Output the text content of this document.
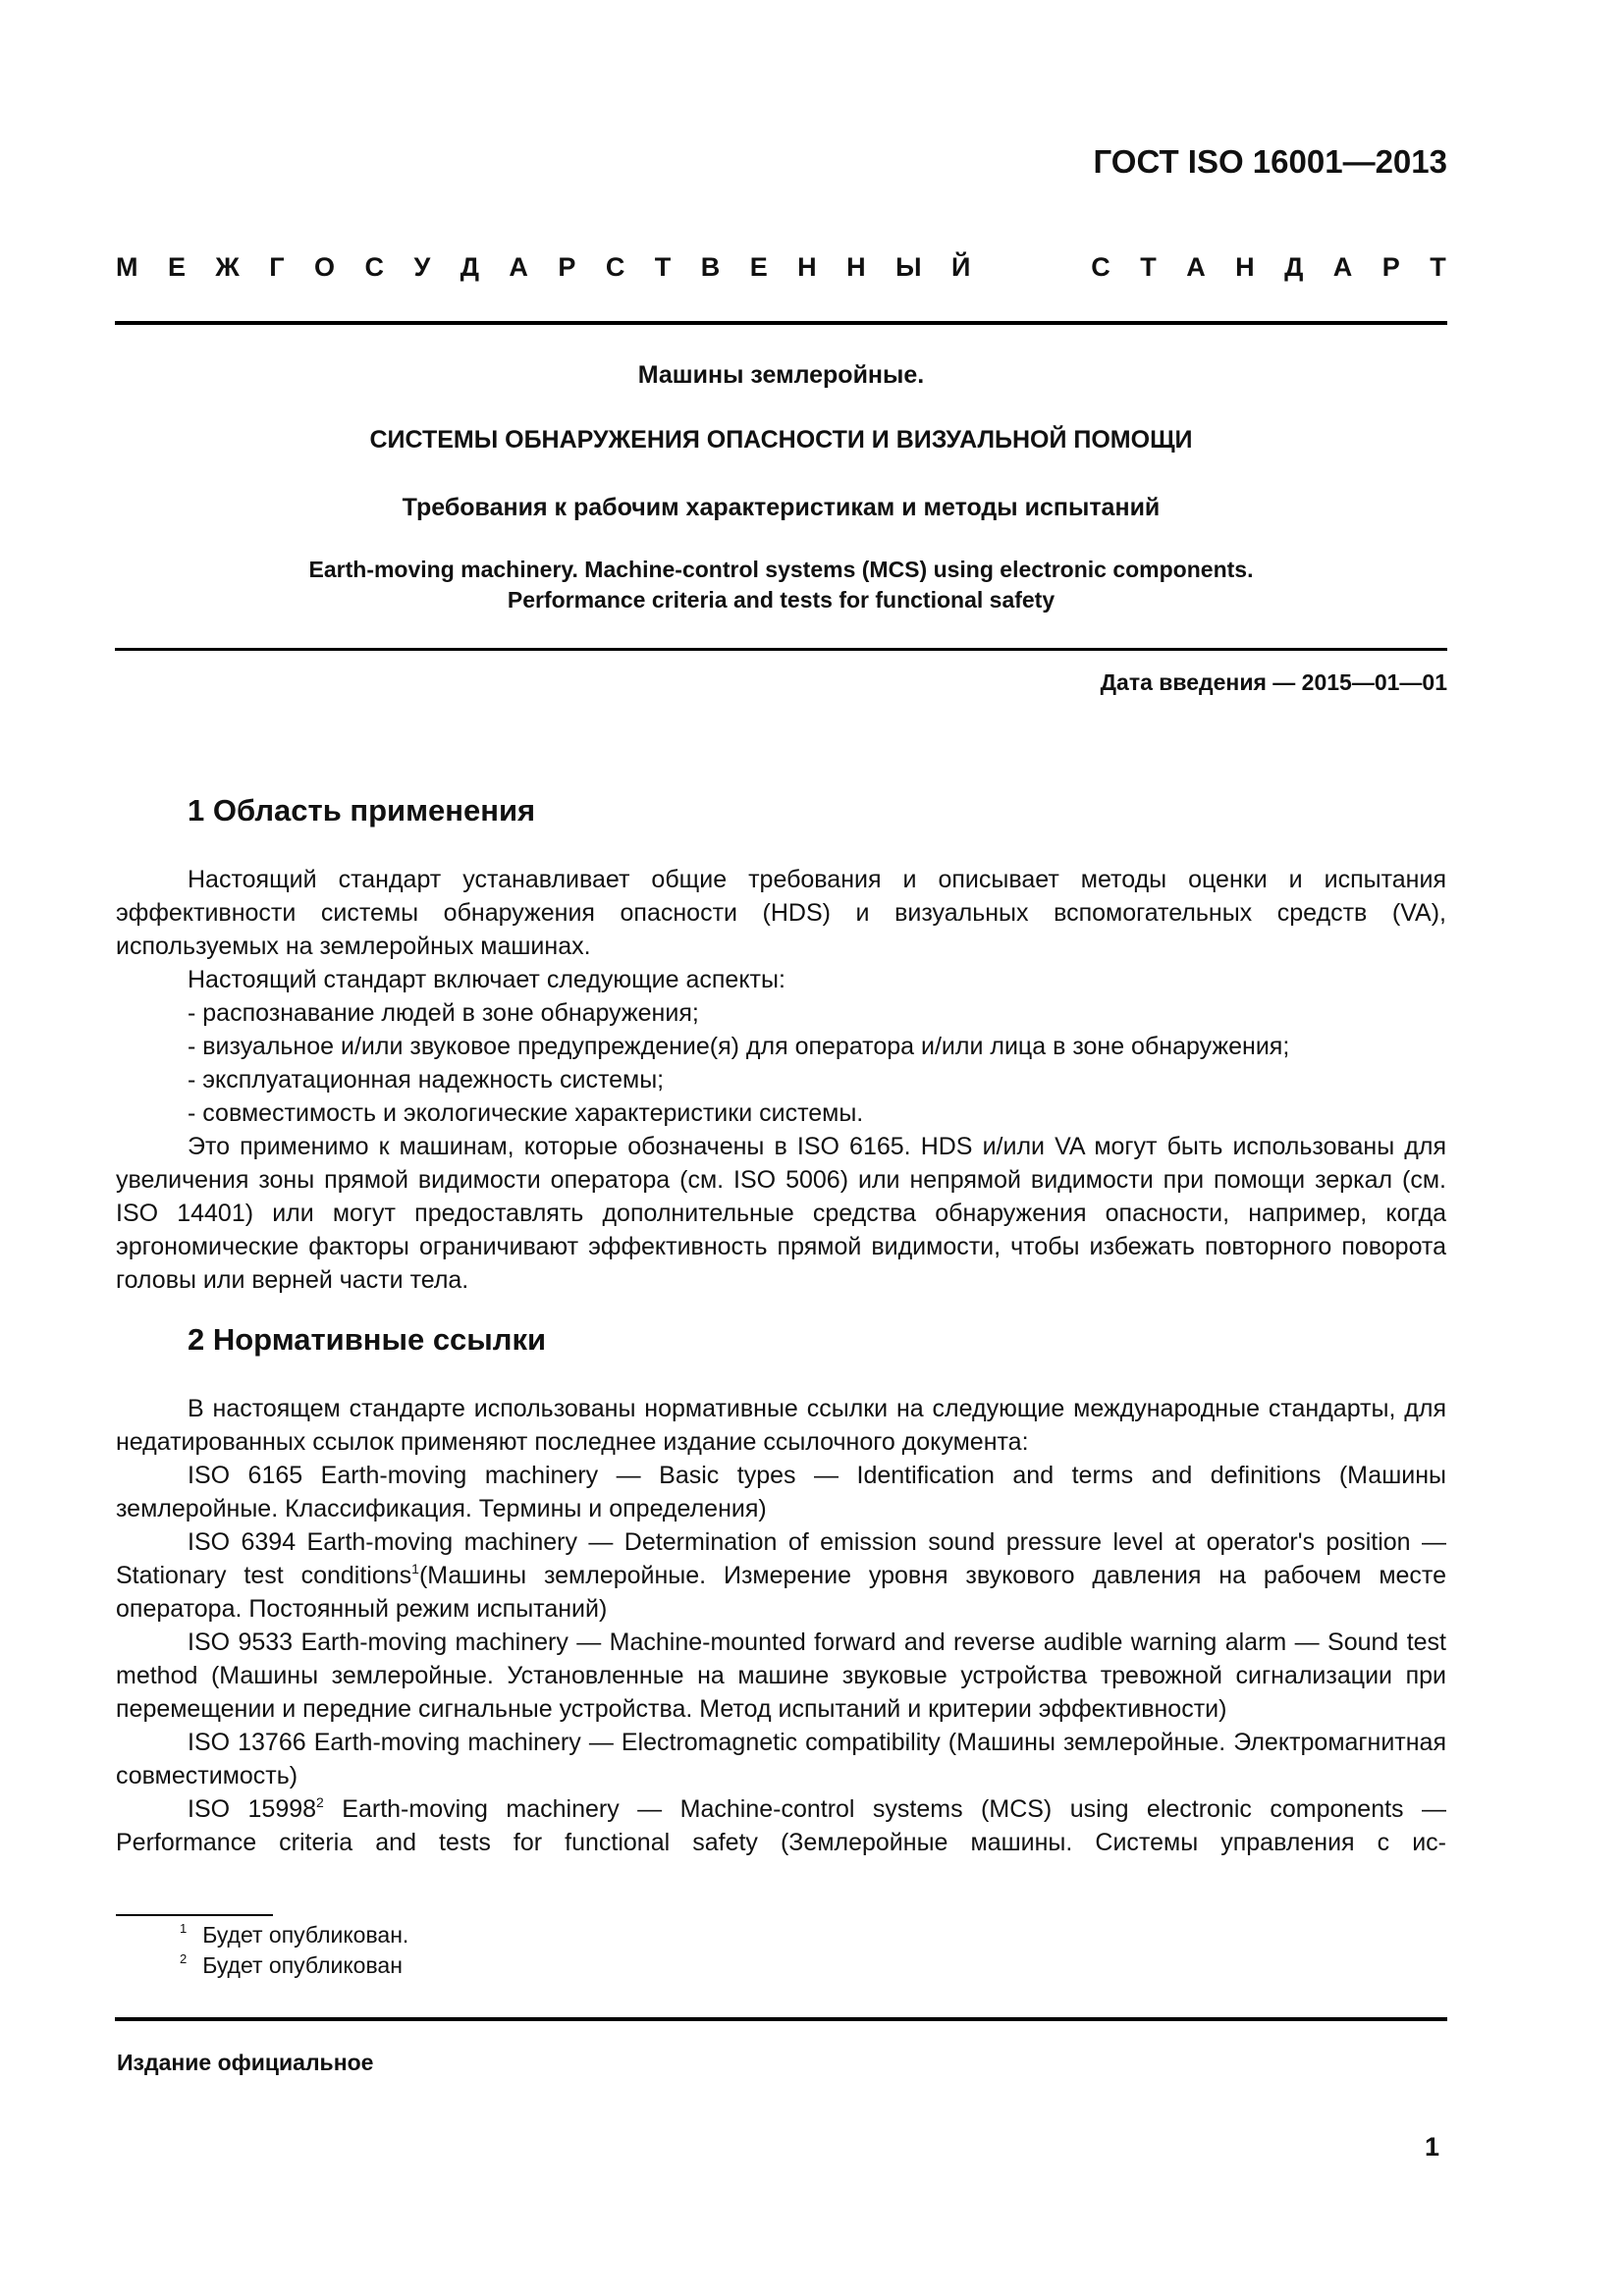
ГОСТ ISO 16001—2013
М Е Ж Г О С У Д А Р С Т В Е Н Н Ы Й	С Т А Н Д А Р Т
Машины землеройные.
СИСТЕМЫ ОБНАРУЖЕНИЯ ОПАСНОСТИ И ВИЗУАЛЬНОЙ ПОМОЩИ
Требования к рабочим характеристикам и методы испытаний
Earth-moving machinery. Machine-control systems (MCS) using electronic components.
Performance criteria and tests for functional safety
Дата введения — 2015—01—01
1 Область применения

Настоящий стандарт устанавливает общие требования и описывает методы оценки и испытания эффективности системы обнаружения опасности (HDS) и визуальных вспомогательных средств (VA), используемых на землеройных машинах.

Настоящий стандарт включает следующие аспекты:

- распознавание людей в зоне обнаружения;

- визуальное и/или звуковое предупреждение(я) для оператора и/или лица в зоне обнаружения;

- эксплуатационная надежность системы;

- совместимость и экологические характеристики системы.

Это применимо к машинам, которые обозначены в ISO 6165. HDS и/или VA могут быть использованы для увеличения зоны прямой видимости оператора (см. ISO 5006) или непрямой видимости при помощи зеркал (см. ISO 14401) или могут предоставлять дополнительные средства обнаружения опасности, например, когда эргономические факторы ограничивают эффективность прямой видимости, чтобы избежать повторного поворота головы или верней части тела.

2 Нормативные ссылки

В настоящем стандарте использованы нормативные ссылки на следующие международные стандарты, для недатированных ссылок применяют последнее издание ссылочного документа:

ISO 6165 Earth-moving machinery — Basic types — Identification and terms and definitions (Машины землеройные. Классификация. Термины и определения)

ISO 6394 Earth-moving machinery — Determination of emission sound pressure level at operator's position — Stationary test conditions$^1$(Машины землеройные. Измерение уровня звукового давления на рабочем месте оператора. Постоянный режим испытаний)

ISO 9533 Earth-moving machinery — Machine-mounted forward and reverse audible warning alarm — Sound test method (Машины землеройные. Установленные на машине звуковые устройства тревожной сигнализации при перемещении и передние сигнальные устройства. Метод испытаний и критерии эффективности)

ISO 13766 Earth-moving machinery — Electromagnetic compatibility (Машины землеройные. Электромагнитная совместимость)

ISO 15998$^2$ Earth-moving machinery — Machine-control systems (MCS) using electronic components — Performance criteria and tests for functional safety (Землеройные машины. Системы управления с ис-

$^1$ Будет опубликован.
$^2$ Будет опубликован
Издание официальное
1
